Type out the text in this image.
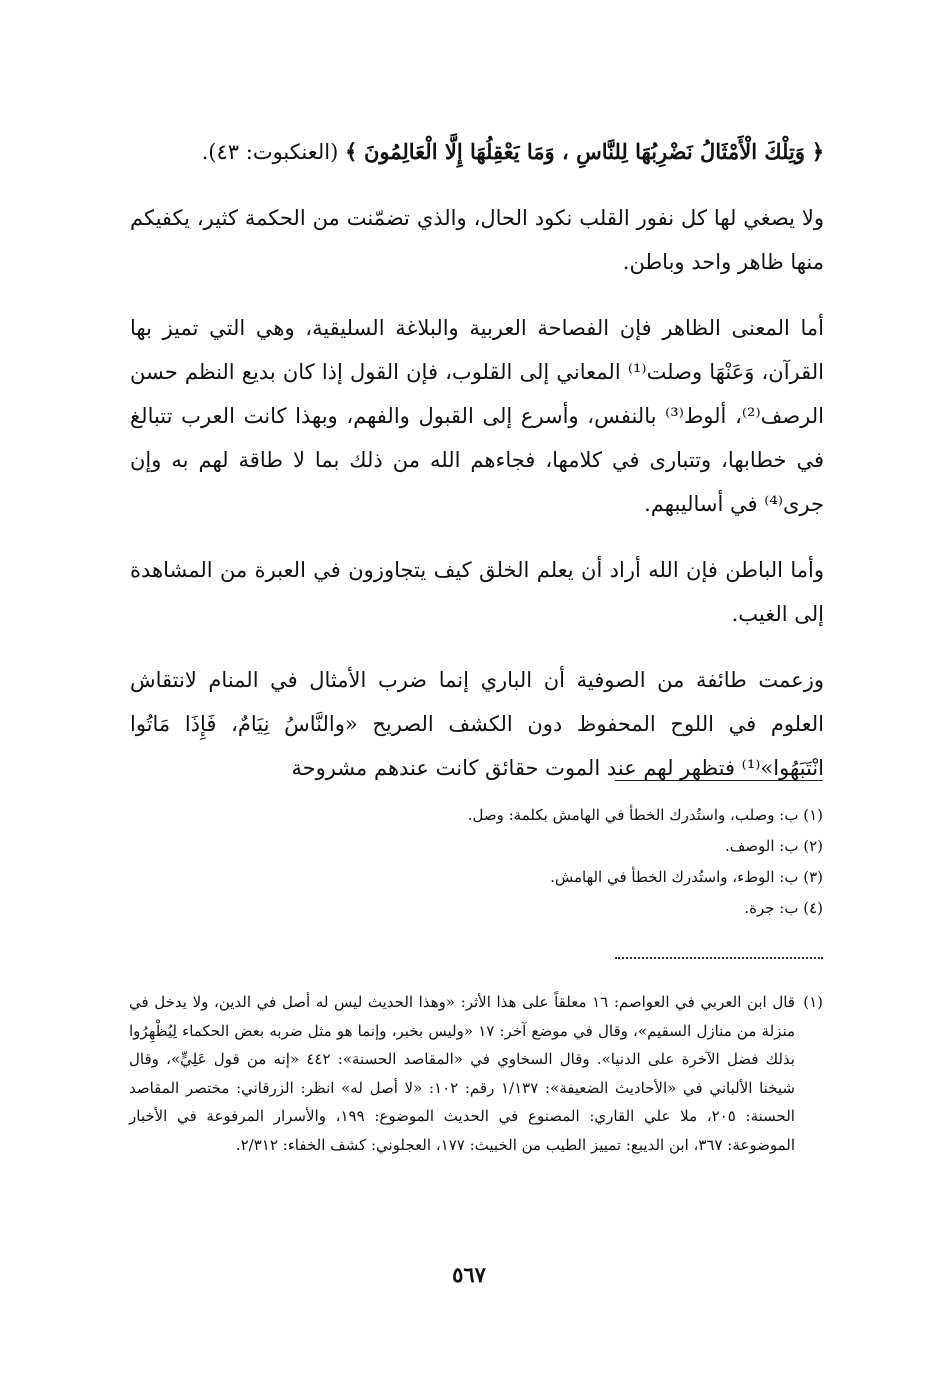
﴿ وَتِلْكَ الْأَمْثَالُ نَضْرِبُهَا لِلنَّاسِ ، وَمَا يَعْقِلُهَا إِلَّا الْعَالِمُونَ ﴾ (العنكبوت: ٤٣).

ولا يصغي لها كل نفور القلب نكود الحال، والذي تضمّنت من الحكمة كثير، يكفيكم منها ظاهر واحد وباطن.

أما المعنى الظاهر فإن الفصاحة العربية والبلاغة السليقية، وهي التي تميز بها القرآن، وَعَنْهَا وصلت⁽¹⁾ المعاني إلى القلوب، فإن القول إذا كان بديع النظم حسن الرصف⁽²⁾، ألوط⁽³⁾ بالنفس، وأسرع إلى القبول والفهم، وبهذا كانت العرب تتبالغ في خطابها، وتتبارى في كلامها، فجاءهم الله من ذلك بما لا طاقة لهم به وإن جرى⁽⁴⁾ في أساليبهم.

وأما الباطن فإن الله أراد أن يعلم الخلق كيف يتجاوزون في العبرة من المشاهدة إلى الغيب.

وزعمت طائفة من الصوفية أن الباري إنما ضرب الأمثال في المنام لانتقاش العلوم في اللوح المحفوظ دون الكشف الصريح «والنَّاسُ نِيَامٌ، فَإِذَا مَاتُوا انْتَبَهُوا»⁽¹⁾ فتظهر لهم عند الموت حقائق كانت عندهم مشروحة

(١) ب: وصلب، واستُدرك الخطأ في الهامش بكلمة: وصل.
(٢) ب: الوصف.
(٣) ب: الوطء، واستُدرك الخطأ في الهامش.
(٤) ب: جرة.
(١)
قال ابن العربي في العواصم: ١٦ معلقاً على هذا الأثر: «وهذا الحديث ليس له أصل في الدين، ولا يدخل في منزلة من منازل السقيم»، وقال في موضع آخر: ١٧ «وليس بخبر، وإنما هو مثل ضربه بعض الحكماء لِيُظْهِرُوا بذلك فضل الآخرة على الدنيا». وقال السخاوي في «المقاصد الحسنة»: ٤٤٢ «إنه من قول عَلِيٍّ»، وقال شيخنا الألباني في «الأحاديث الضعيفة»: ١/١٣٧ رقم: ١٠٢: «لا أصل له» انظر: الزرقاني: مختصر المقاصد الحسنة: ٢٠٥، ملا علي القاري: المصنوع في الحديث الموضوع: ١٩٩، والأسرار المرفوعة في الأخبار الموضوعة: ٣٦٧، ابن الديبع: تمييز الطيب من الخبيث: ١٧٧، العجلوني: كشف الخفاء: ٢/٣١٢.
٥٦٧
